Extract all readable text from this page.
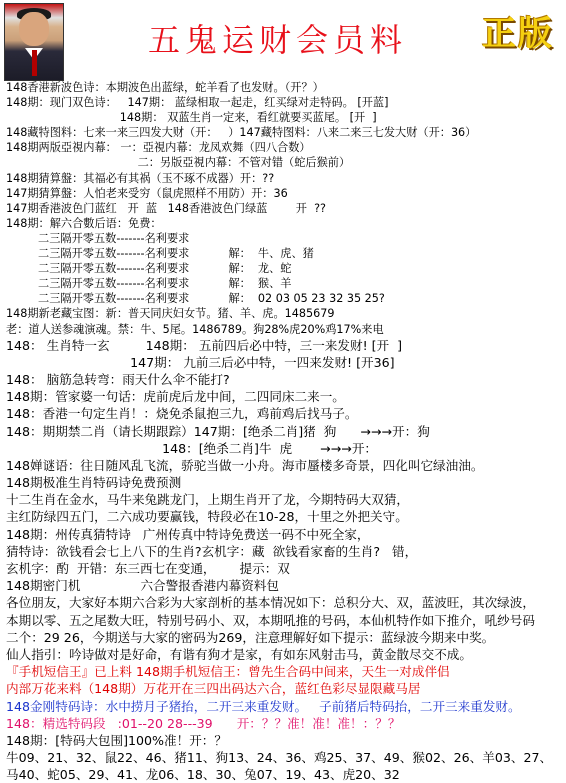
五鬼运财会员料 正版
148香港新波色诗：本期波色出蓝绿，蛇羊看了也发财。（开？）
148期：现门双色诗：   147期： 蓝绿相取一起走，红买绿对走特码。 [开蓝]
148期： 双蓝生肖一定来，看红就要买蓝尾。 [开  ]
148藏特图料：七来一来三四发大财（开：   ）147藏特图料：八来二来三七发大财（开：36）
148期两版亞視内幕： 一：亞視内幕：龙凤欢舞（四八合数）
二：另版亞視内幕：不管对错（蛇后猴前）
148期猜算盤：其福必有其祸（玉不琢不成器）开：??
147期猜算盤：人怕老来受穷（鼠虎照样不用防）开：36
147期香港波色门蓝红   开  蓝   148香港波色门绿蓝        开  ??
148期：解六合數后语：免费：
二三隔开零五数-------名利要求
二三隔开零五数-------名利要求           解：  牛、虎、猪
二三隔开零五数-------名利要求           解：  龙、蛇
二三隔开零五数-------名利要求           解：  猴、羊
二三隔开零五数-------名利要求           解：  02 03 05 23 32 35 25?
148期新老藏宝图：新：普天同庆妇女节。猪、羊、虎。1485679
老：道人送参魂演魂。禁：牛、5尾。1486789。狗28%虎20%鸡17%来电
148： 生肖特一玄         148期： 五前四后必中特，三一来发财! [开  ]
147期： 九前三后必中特，一四来发财! [开36]
148： 脑筋急转弯：雨天什么伞不能打?
148期：管家婆一句话：虎前虎后龙中间，二四同床二来一。
148：香港一句定生肖！：烧免杀鼠抱三九，鸡前鸡后找马子。
148：期期禁二肖（请长期跟踪）147期：[绝杀二肖]猪  狗      →→→开：狗
148：[绝杀二肖]牛  虎       →→→开：
148婵谜语：往日随风乱飞流，骄驼当做一小舟。海市蜃楼多奇景，四化叫它绿油油。
148期极准生肖特码诗免费预测
十二生肖在金水，马牛来兔跳龙门，上期生肖开了龙，今期特码大双猜，
主红防绿四五门，二六成功要赢钱，特段必在10-28，十里之外把关守。
148期：州传真猜特诗   广州传真中特诗免费送一码不中死全家，
猜特诗：欲钱看会七上八下的生肖?玄机字：藏  欲钱看家畜的生肖?   错，
玄机字：酌  开错：东三西七在变通，      提示：双
148期密门机               六合警报香港内幕资料包
各位朋友，大家好本期六合彩为大家剖析的基本情况如下：总积分大、双，蓝波旺，其次绿波，
本期以零、五之尾数大旺，特别号码小、双，本期吼推的号码，本仙机特作如下推介，吼纱号码
二个：29 26，今期送与大家的密码为269，注意理解好如下提示：蓝绿波今期来中奖。
仙人指引：吟诗做对是好命，有谐有狗才是家，有如东风射击马，黄金散尽交不成。
『手机短信王』已上料 148期手机短信王：曾先生合码中间来，天生一对成伴侣
内部万花来料（148期）万花开在三四出码达六合，蓝红色彩尽显限藏马居
148金刚特码诗：水中捞月子猪抬，二开三来重发财。   子前猪后特码抬，二开三来重发财。
148：精选特码段   :01--20 28---39      开：？？准！准！准！：？？
148期：[特码大包围]100%准！开：？
牛09、21、32、鼠22、46、猪11、狗13、24、36、鸡25、37、49、猴02、26、羊03、27、
马40、蛇05、29、41、龙06、18、30、兔07、19、43、虎20、32
